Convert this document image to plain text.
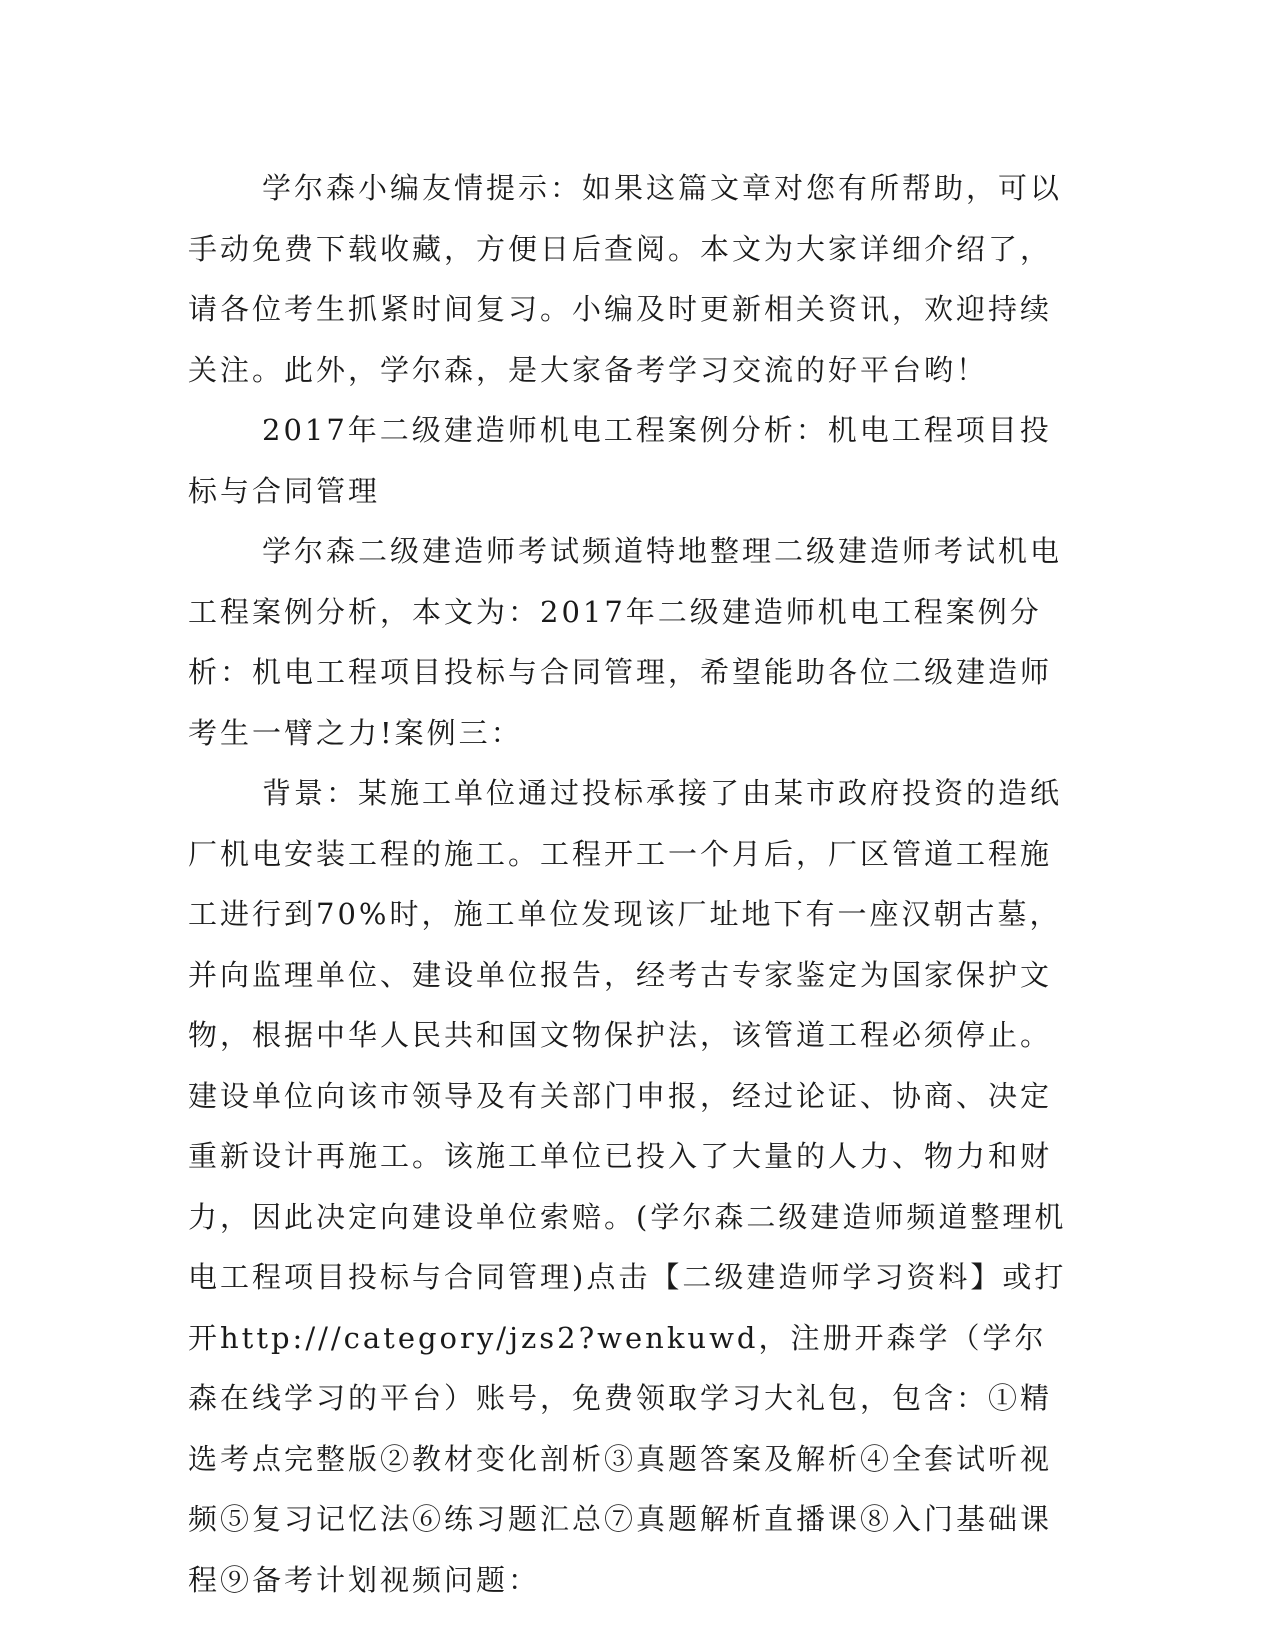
学尔森小编友情提示：如果这篇文章对您有所帮助，可以手动免费下载收藏，方便日后查阅。本文为大家详细介绍了，请各位考生抓紧时间复习。小编及时更新相关资讯，欢迎持续关注。此外，学尔森，是大家备考学习交流的好平台哟！

2017年二级建造师机电工程案例分析：机电工程项目投标与合同管理

学尔森二级建造师考试频道特地整理二级建造师考试机电工程案例分析，本文为：2017年二级建造师机电工程案例分析：机电工程项目投标与合同管理，希望能助各位二级建造师考生一臂之力!案例三：

背景：某施工单位通过投标承接了由某市政府投资的造纸厂机电安装工程的施工。工程开工一个月后，厂区管道工程施工进行到70%时，施工单位发现该厂址地下有一座汉朝古墓，并向监理单位、建设单位报告，经考古专家鉴定为国家保护文物，根据中华人民共和国文物保护法，该管道工程必须停止。建设单位向该市领导及有关部门申报，经过论证、协商、决定重新设计再施工。该施工单位已投入了大量的人力、物力和财力，因此决定向建设单位索赔。(学尔森二级建造师频道整理机电工程项目投标与合同管理)点击【二级建造师学习资料】或打开http:///category/jzs2?wenkuwd，注册开森学（学尔森在线学习的平台）账号，免费领取学习大礼包，包含：①精选考点完整版②教材变化剖析③真题答案及解析④全套试听视频⑤复习记忆法⑥练习题汇总⑦真题解析直播课⑧入门基础课程⑨备考计划视频问题：
